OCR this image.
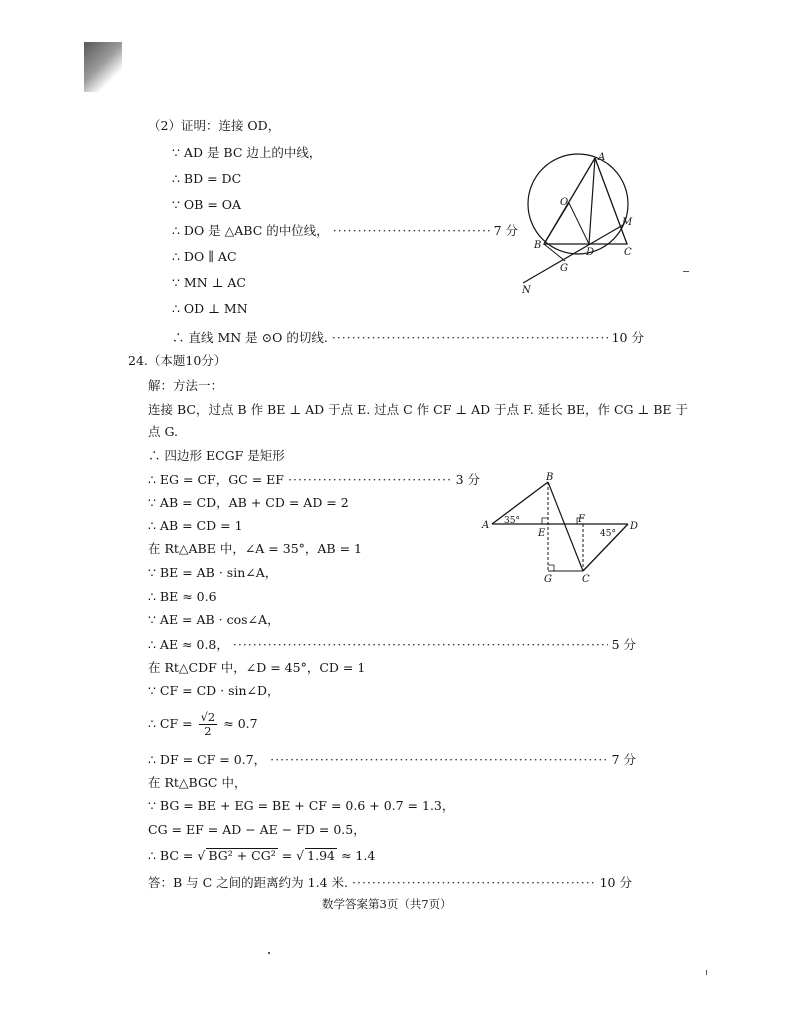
（2）证明：连接 OD，
∵ AD 是 BC 边上的中线，
∴ BD = DC
∵ OB = OA
∴ DO 是 △ABC 的中位线， ·····	7 分
∴ DO ∥ AC
∵ MN ⊥ AC
∴ OD ⊥ MN
∴ 直线 MN 是 ⊙O 的切线. ·····	10 分
A
O
M
B
D	C
G
N
24.（本题10分）
解：方法一：
连接 BC，过点 B 作 BE ⊥ AD 于点 E. 过点 C 作 CF ⊥ AD 于点 F. 延长 BE，作 CG ⊥ BE 于
点 G.
∴ 四边形 ECGF 是矩形
∴ EG = CF，GC = EF ·····	3 分
∵ AB = CD，AB + CD = AD = 2
∴ AB = CD = 1
在 Rt△ABE 中，∠A = 35°，AB = 1
∵ BE = AB · sin∠A，
∴ BE ≈ 0.6
∵ AE = AB · cos∠A，
∴ AE ≈ 0.8， ·····	5 分
在 Rt△CDF 中，∠D = 45°，CD = 1
∵ CF = CD · sin∠D，
∴ CF = $\frac{√2}{2} \approx 0.7$
∴ DF = CF = 0.7， ·····	7 分
在 Rt△BGC 中，
∵ BG = BE + EG = BE + CF = 0.6 + 0.7 = 1.3，
CG = EF = AD − AE − FD = 0.5，
∴ BC = √ BG² + CG² = √ 1.94 ≈ 1.4
答：B 与 C 之间的距离约为 1.4 米. ·····	10 分
B
A 35°
E
F
45°
D
G	C
数学答案第3页（共7页）
